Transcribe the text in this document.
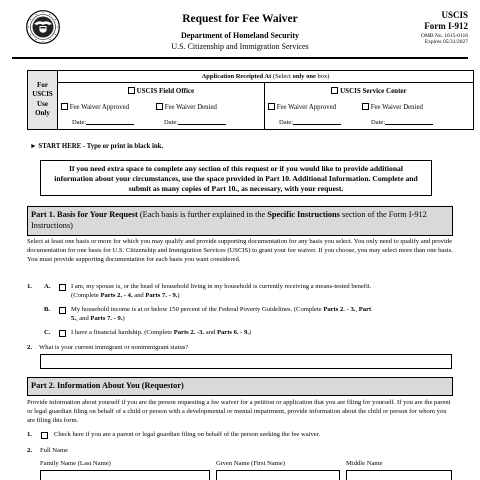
Request for Fee Waiver
Department of Homeland Security
U.S. Citizenship and Immigration Services
USCIS
Form I-912
OMB No. 1615-0116
Expires 05/31/2027
For
USCIS
Use
Only
Application Receipted At (Select only one box)
USCIS Field Office
Fee Waiver Approved	Fee Waiver Denied
Date:	Date:
USCIS Service Center
Fee Waiver Approved	Fee Waiver Denied
Date:	Date:
► START HERE - Type or print in black ink.
If you need extra space to complete any section of this request or if you would like to provide additional information about your circumstances, use the space provided in Part 10. Additional Information. Complete and submit as many copies of Part 10., as necessary, with your request.
Part 1. Basis for Your Request (Each basis is further explained in the Specific Instructions section of the Form I-912 Instructions)
Select at least one basis or more for which you may qualify and provide supporting documentation for any basis you select. You only need to qualify and provide documentation for one basis for U.S. Citizenship and Immigration Services (USCIS) to grant your fee waiver. If you choose, you may select more than one basis. You must provide supporting documentation for each basis you want considered.
1. A.	I am, my spouse is, or the head of household living in my household is currently receiving a means-tested benefit.
(Complete Parts 2. - 4. and Parts 7. - 9.)
B.	My household income is at or below 150 percent of the Federal Poverty Guidelines. (Complete Parts 2. - 3., Part
5., and Parts 7. - 9.)
C.	I have a financial hardship. (Complete Parts 2. -3. and Parts 6. - 9.)
2. What is your current immigrant or nonimmigrant status?
Part 2. Information About You (Requestor)
Provide information about yourself if you are the person requesting a fee waiver for a petition or application that you are filing for yourself. If you are the parent or legal guardian filing on behalf of a child or person with a developmental or mental impairment, provide information about the child or person for whom you are filing this form.
1.	Check here if you are a parent or legal guardian filing on behalf of the person seeking the fee waiver.
2. Full Name
Family Name (Last Name)	Given Name (First Name)	Middle Name
